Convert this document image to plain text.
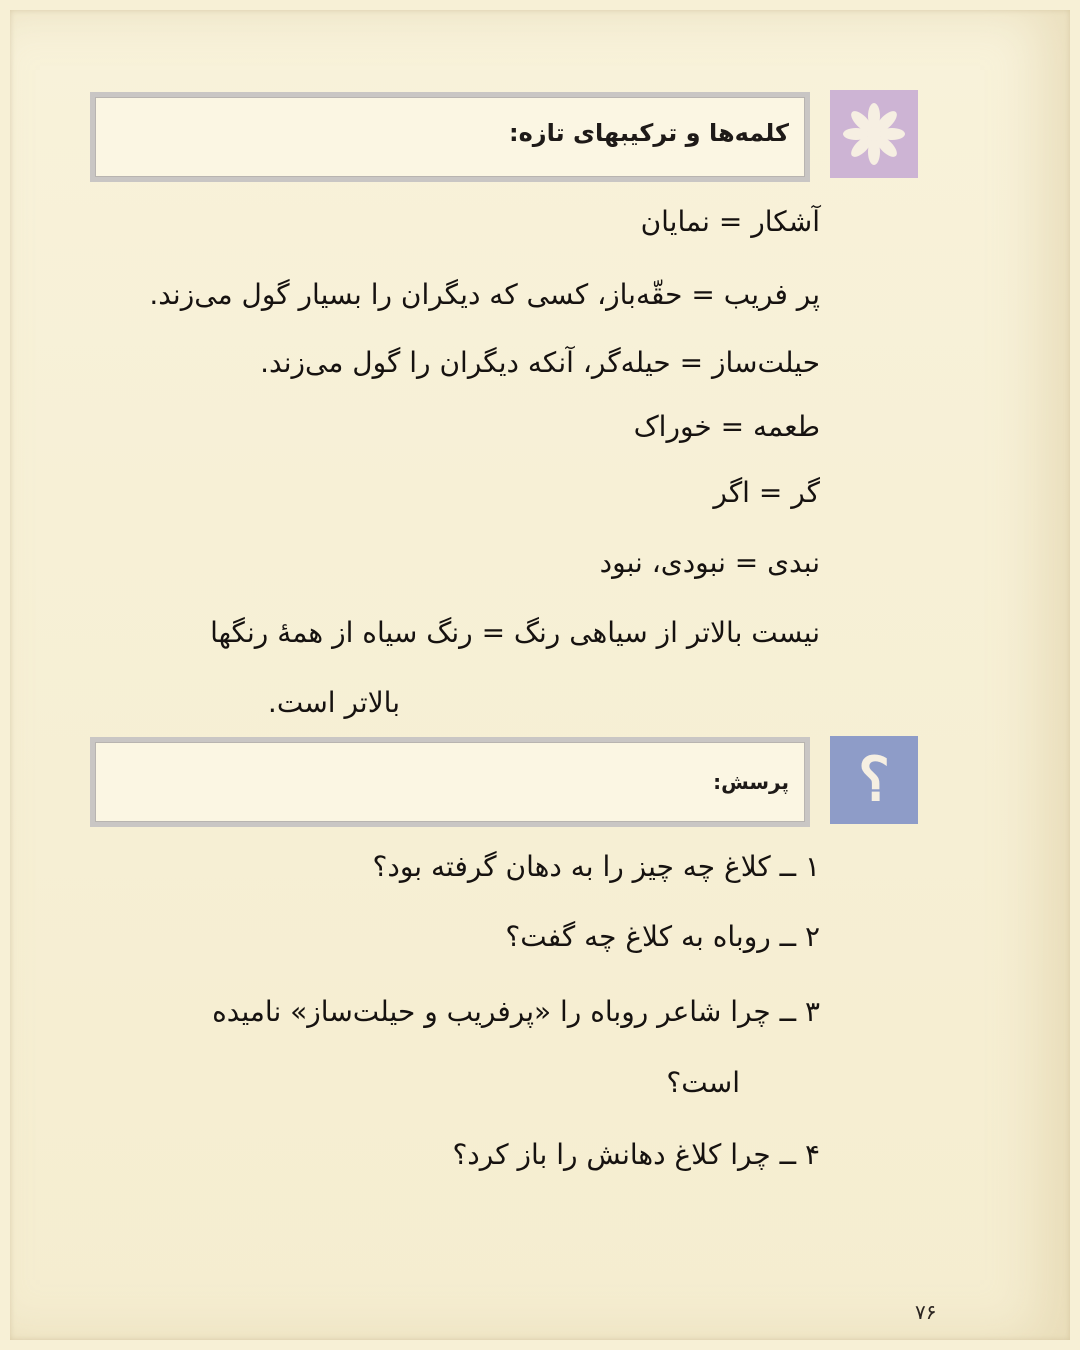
کلمه‌ها و ترکیبهای تازه:
آشکار = نمایان
پر فریب = حقّه‌باز، کسی که دیگران را بسیار گول می‌زند.
حیلت‌ساز = حیله‌گر، آنکه دیگران را گول می‌زند.
طعمه = خوراک
گر = اگر
نبدی = نبودی، نبود
نیست بالاتر از سیاهی رنگ = رنگ سیاه از همهٔ رنگها
بالاتر است.
پرسش: ؟
۱ ــ کلاغ چه چیز را به دهان گرفته بود؟
۲ ــ روباه به کلاغ چه گفت؟
۳ ــ چرا شاعر روباه را «پرفریب و حیلت‌ساز» نامیده
است؟
۴ ــ چرا کلاغ دهانش را باز کرد؟
۷۶
